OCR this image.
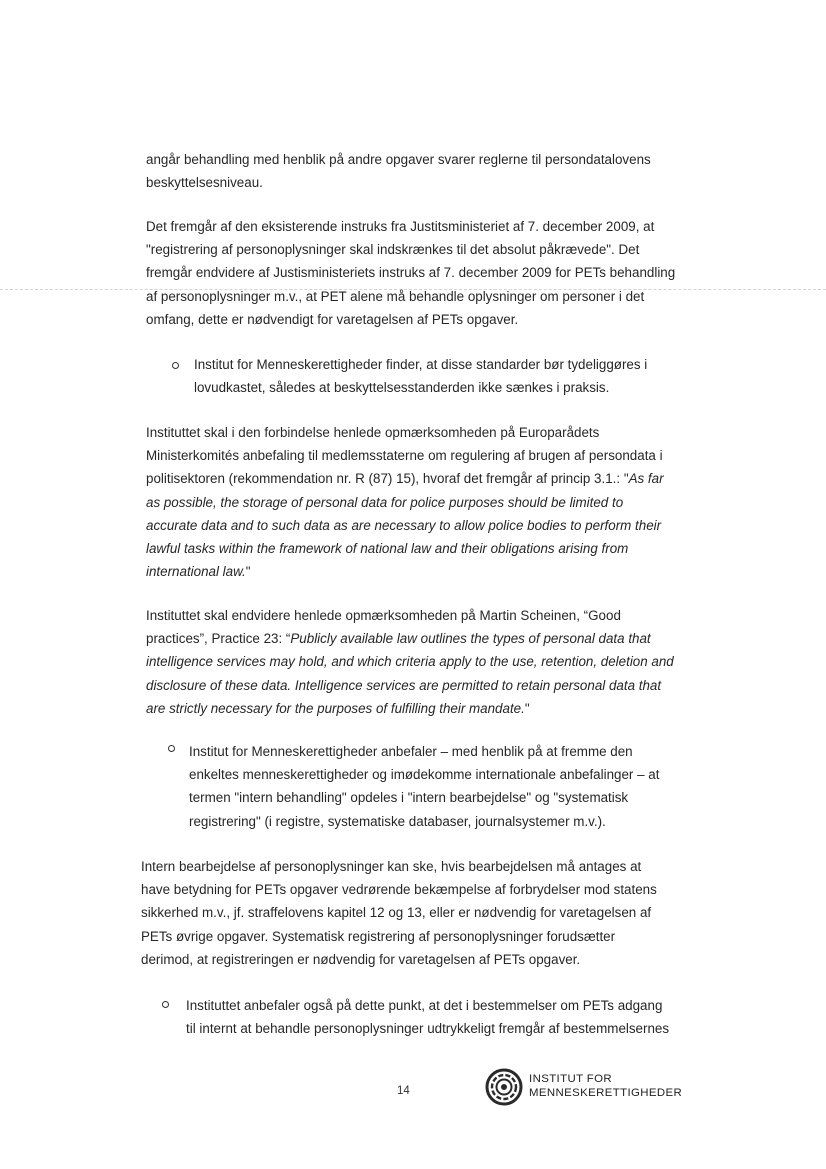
angår behandling med henblik på andre opgaver svarer reglerne til persondatalovens
beskyttelsesniveau.

Det fremgår af den eksisterende instruks fra Justitsministeriet af 7. december 2009, at
"registrering af personoplysninger skal indskrænkes til det absolut påkrævede". Det
fremgår endvidere af Justisministeriets instruks af 7. december 2009 for PETs behandling
af personoplysninger m.v., at PET alene må behandle oplysninger om personer i det
omfang, dette er nødvendigt for varetagelsen af PETs opgaver.

Institut for Menneskerettigheder finder, at disse standarder bør tydeliggøres i
lovudkastet, således at beskyttelsesstanderden ikke sænkes i praksis.

Instituttet skal i den forbindelse henlede opmærksomheden på Europarådets
Ministerkomités anbefaling til medlemsstaterne om regulering af brugen af persondata i
politisektoren (rekommendation nr. R (87) 15), hvoraf det fremgår af princip 3.1.: "As far
as possible, the storage of personal data for police purposes should be limited to
accurate data and to such data as are necessary to allow police bodies to perform their
lawful tasks within the framework of national law and their obligations arising from
international law."

Instituttet skal endvidere henlede opmærksomheden på Martin Scheinen, “Good
practices”, Practice 23: “Publicly available law outlines the types of personal data that
intelligence services may hold, and which criteria apply to the use, retention, deletion and
disclosure of these data. Intelligence services are permitted to retain personal data that
are strictly necessary for the purposes of fulfilling their mandate."

Institut for Menneskerettigheder anbefaler – med henblik på at fremme den
enkeltes menneskerettigheder og imødekomme internationale anbefalinger – at
termen "intern behandling" opdeles i "intern bearbejdelse" og "systematisk
registrering" (i registre, systematiske databaser, journalsystemer m.v.).

Intern bearbejdelse af personoplysninger kan ske, hvis bearbejdelsen må antages at
have betydning for PETs opgaver vedrørende bekæmpelse af forbrydelser mod statens
sikkerhed m.v., jf. straffelovens kapitel 12 og 13, eller er nødvendig for varetagelsen af
PETs øvrige opgaver. Systematisk registrering af personoplysninger forudsætter
derimod, at registreringen er nødvendig for varetagelsen af PETs opgaver.

Instituttet anbefaler også på dette punkt, at det i bestemmelser om PETs adgang
til internt at behandle personoplysninger udtrykkeligt fremgår af bestemmelsernes

14
INSTITUT FOR
MENNESKERETTIGHEDER
